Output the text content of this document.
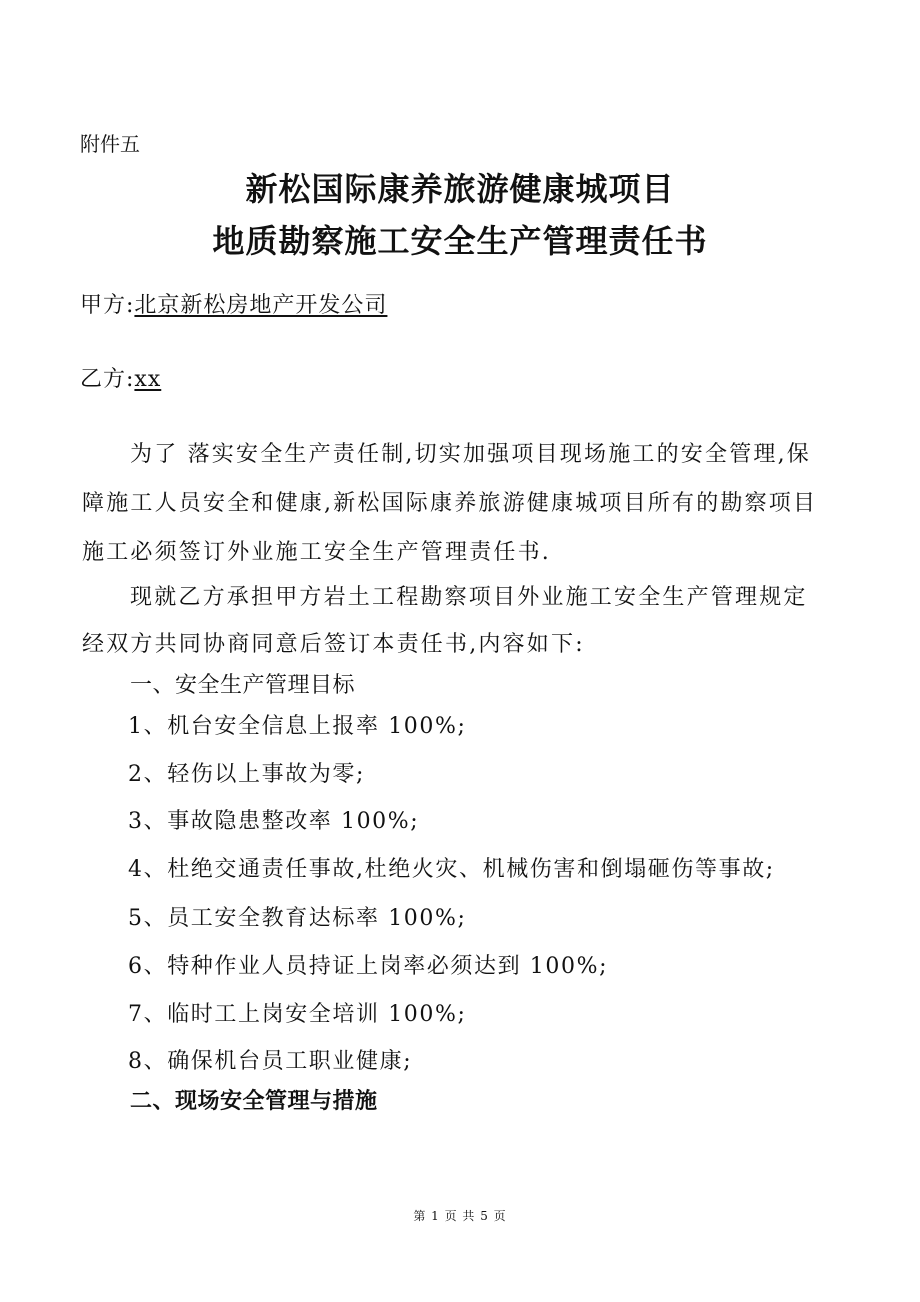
附件五
新松国际康养旅游健康城项目
地质勘察施工安全生产管理责任书
甲方:北京新松房地产开发公司
乙方:xx
为了 落实安全生产责任制,切实加强项目现场施工的安全管理,保
障施工人员安全和健康,新松国际康养旅游健康城项目所有的勘察项目
施工必须签订外业施工安全生产管理责任书.
现就乙方承担甲方岩土工程勘察项目外业施工安全生产管理规定
经双方共同协商同意后签订本责任书,内容如下:
一、安全生产管理目标
1、机台安全信息上报率 100%;
2、轻伤以上事故为零;
3、事故隐患整改率 100%;
4、杜绝交通责任事故,杜绝火灾、机械伤害和倒塌砸伤等事故;
5、员工安全教育达标率 100%;
6、特种作业人员持证上岗率必须达到 100%;
7、临时工上岗安全培训 100%;
8、确保机台员工职业健康;
二、现场安全管理与措施
第 1 页 共 5 页
